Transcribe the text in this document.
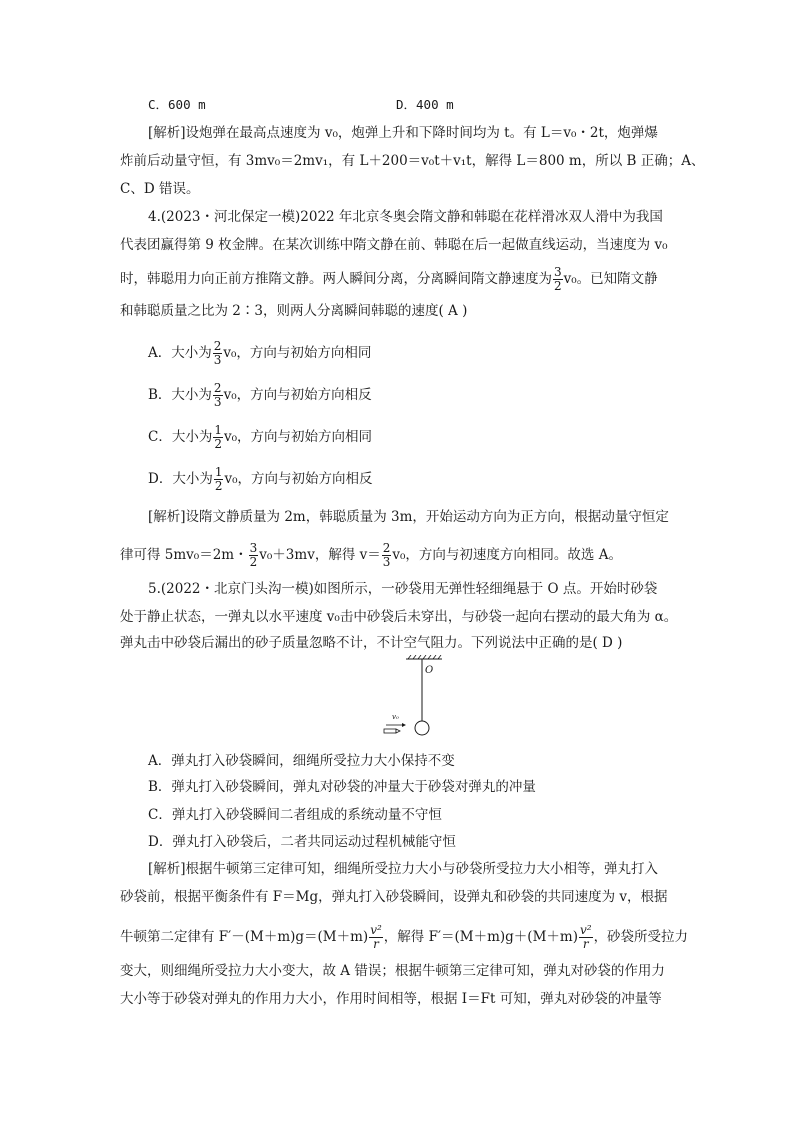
C．600 m	D．400 m
[解析]设炮弹在最高点速度为 v₀，炮弹上升和下降时间均为 t。有 L＝v₀・2t，炮弹爆
炸前后动量守恒，有 3mv₀＝2mv₁，有 L＋200＝v₀t＋v₁t，解得 L＝800 m，所以 B 正确；A、
C、D 错误。
4.(2023・河北保定一模)2022 年北京冬奥会隋文静和韩聪在花样滑冰双人滑中为我国
代表团赢得第 9 枚金牌。在某次训练中隋文静在前、韩聪在后一起做直线运动，当速度为 v₀
时，韩聪用力向正前方推隋文静。两人瞬间分离，分离瞬间隋文静速度为 $\frac{3}{2} v_0$。已知隋文静
和韩聪质量之比为 2∶3，则两人分离瞬间韩聪的速度( A )
A．大小为 $\frac{2}{3} v_0$，方向与初始方向相同
B．大小为 $\frac{2}{3} v_0$，方向与初始方向相反
C．大小为 $\frac{1}{2} v_0$，方向与初始方向相同
D．大小为 $\frac{1}{2} v_0$，方向与初始方向相反
[解析]设隋文静质量为 2m，韩聪质量为 3m，开始运动方向为正方向，根据动量守恒定
律可得 5mv₀＝2m・ $\frac{3}{2} v_0+3mv$，解得 $v= \frac{2}{3} v_0$，方向与初速度方向相同。故选 A。
5.(2022・北京门头沟一模)如图所示，一砂袋用无弹性轻细绳悬于 O 点。开始时砂袋
处于静止状态，一弹丸以水平速度 v₀击中砂袋后未穿出，与砂袋一起向右摆动的最大角为 α。
弹丸击中砂袋后漏出的砂子质量忽略不计，不计空气阻力。下列说法中正确的是( D )
O
v₀
A．弹丸打入砂袋瞬间，细绳所受拉力大小保持不变
B．弹丸打入砂袋瞬间，弹丸对砂袋的冲量大于砂袋对弹丸的冲量
C．弹丸打入砂袋瞬间二者组成的系统动量不守恒
D．弹丸打入砂袋后，二者共同运动过程机械能守恒
[解析]根据牛顿第三定律可知，细绳所受拉力大小与砂袋所受拉力大小相等，弹丸打入
砂袋前，根据平衡条件有 F＝Mg，弹丸打入砂袋瞬间，设弹丸和砂袋的共同速度为 v，根据
牛顿第二定律有 $F'-(M+m)g=(M+m) \frac{\text{v²}}{r}$ ，解得 $F'=(M+m)g+(M+m) \frac{\text{v²}}{r}$ ，砂袋所受拉力
变大，则细绳所受拉力大小变大，故 A 错误；根据牛顿第三定律可知，弹丸对砂袋的作用力
大小等于砂袋对弹丸的作用力大小，作用时间相等，根据 I＝Ft 可知，弹丸对砂袋的冲量等
